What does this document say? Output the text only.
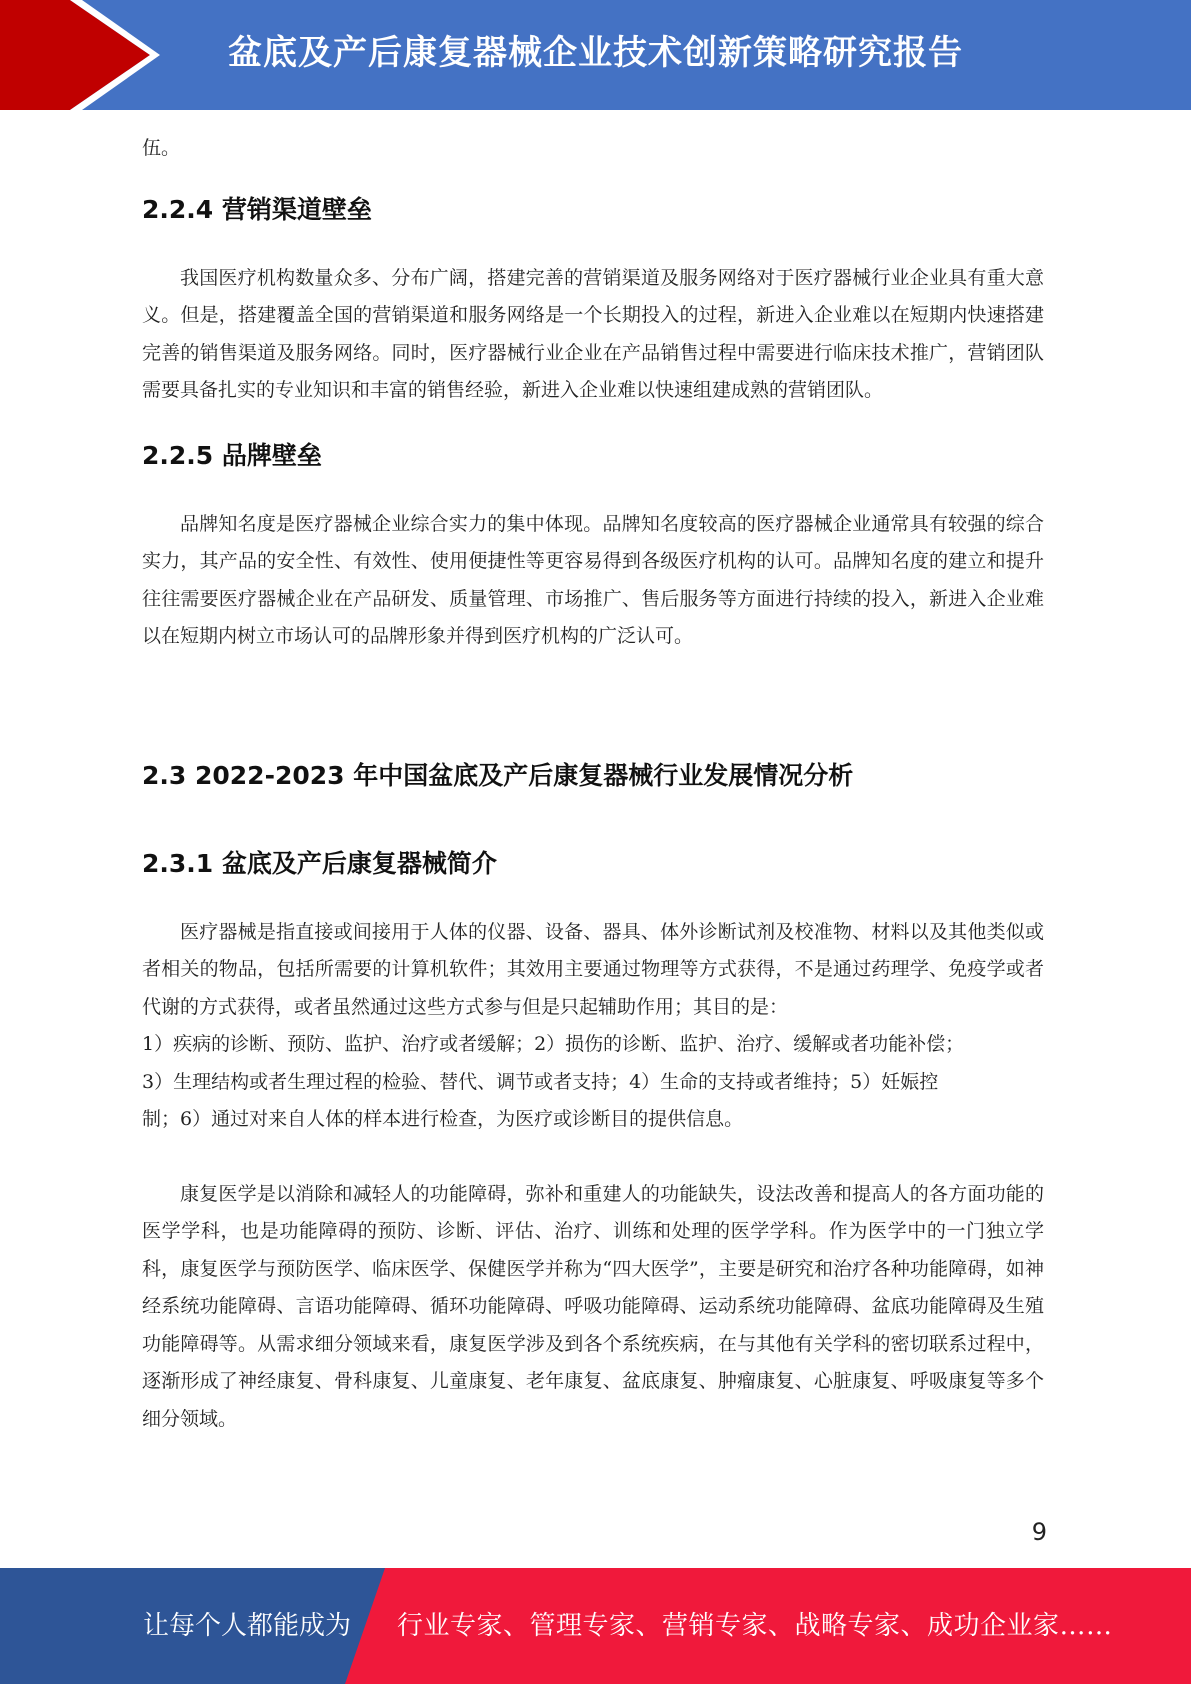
盆底及产后康复器械企业技术创新策略研究报告

伍。

2.2.4 营销渠道壁垒

我国医疗机构数量众多、分布广阔，搭建完善的营销渠道及服务网络对于医疗器械行业企业具有重大意义。但是，搭建覆盖全国的营销渠道和服务网络是一个长期投入的过程，新进入企业难以在短期内快速搭建完善的销售渠道及服务网络。同时，医疗器械行业企业在产品销售过程中需要进行临床技术推广，营销团队需要具备扎实的专业知识和丰富的销售经验，新进入企业难以快速组建成熟的营销团队。

2.2.5 品牌壁垒

品牌知名度是医疗器械企业综合实力的集中体现。品牌知名度较高的医疗器械企业通常具有较强的综合实力，其产品的安全性、有效性、使用便捷性等更容易得到各级医疗机构的认可。品牌知名度的建立和提升往往需要医疗器械企业在产品研发、质量管理、市场推广、售后服务等方面进行持续的投入，新进入企业难以在短期内树立市场认可的品牌形象并得到医疗机构的广泛认可。

2.3 2022-2023 年中国盆底及产后康复器械行业发展情况分析
2.3.1 盆底及产后康复器械简介

医疗器械是指直接或间接用于人体的仪器、设备、器具、体外诊断试剂及校准物、材料以及其他类似或者相关的物品，包括所需要的计算机软件；其效用主要通过物理等方式获得，不是通过药理学、免疫学或者代谢的方式获得，或者虽然通过这些方式参与但是只起辅助作用；其目的是：

1）疾病的诊断、预防、监护、治疗或者缓解；2）损伤的诊断、监护、治疗、缓解或者功能补偿；

3）生理结构或者生理过程的检验、替代、调节或者支持；4）生命的支持或者维持；5）妊娠控

制；6）通过对来自人体的样本进行检查，为医疗或诊断目的提供信息。

康复医学是以消除和减轻人的功能障碍，弥补和重建人的功能缺失，设法改善和提高人的各方面功能的医学学科，也是功能障碍的预防、诊断、评估、治疗、训练和处理的医学学科。作为医学中的一门独立学科，康复医学与预防医学、临床医学、保健医学并称为“四大医学”，主要是研究和治疗各种功能障碍，如神经系统功能障碍、言语功能障碍、循环功能障碍、呼吸功能障碍、运动系统功能障碍、盆底功能障碍及生殖功能障碍等。从需求细分领域来看，康复医学涉及到各个系统疾病，在与其他有关学科的密切联系过程中，逐渐形成了神经康复、骨科康复、儿童康复、老年康复、盆底康复、肿瘤康复、心脏康复、呼吸康复等多个细分领域。

9
让每个人都能成为 行业专家、管理专家、营销专家、战略专家、成功企业家……
